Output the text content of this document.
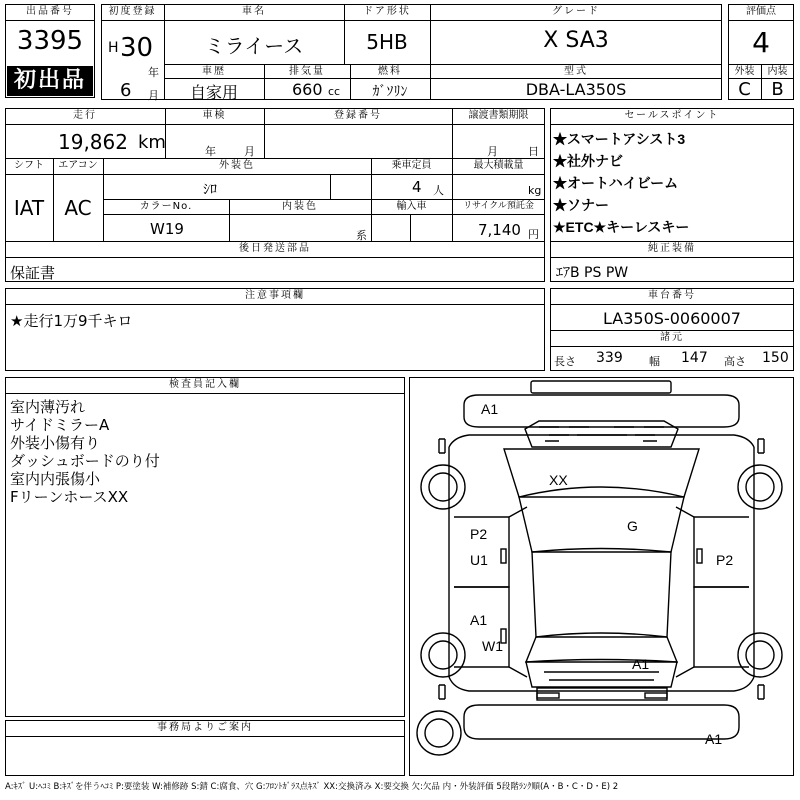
出品番号
3395
初出品
初度登録
H 30
年
6 月
車名
ミライース
ドア形状
5HB
グレード
X SA3
車歴
自家用
排気量
660 cc
燃料
ｶﾞｿﾘﾝ
型式
DBA-LA350S
評価点
4
外装	内装
C	B
走行
19,862 km
車検
年	月
登録番号	譲渡書類期限
月	日
シフト
IAT
エアコン
AC
外装色
ｼﾛ
乗車定員
4 人
最大積載量
kg
カラーNo.
W19
内装色
系
輸入車	リサイクル預託金
7,140 円
後日発送部品
保証書
セールスポイント
★スマートアシスト3
★社外ナビ
★オートハイビーム
★ソナー
★ETC★キーレスキー
純正装備
ｴｱB PS PW
注意事項欄
★走行1万9千キロ
車台番号
LA350S-0060007
諸元
長さ 339 幅 147 高さ 150
検査員記入欄
室内薄汚れ
サイドミラーA
外装小傷有り
ダッシュボードのり付
室内内張傷小
FリーンホースXX
事務局よりご案内
A1
XX
G
P2
U1	P2
A1
W1
A1
A1
A:ｷｽﾞ U:ﾍｺﾐ B:ｷｽﾞを伴うﾍｺﾐ P:要塗装 W:補修跡 S:錆 C:腐食、穴 G:ﾌﾛﾝﾄｶﾞﾗｽ点ｷｽﾞ XX:交換済み X:要交換 欠:欠品 内・外装評価 5段階ﾗﾝｸ順(A・B・C・D・E) 2
